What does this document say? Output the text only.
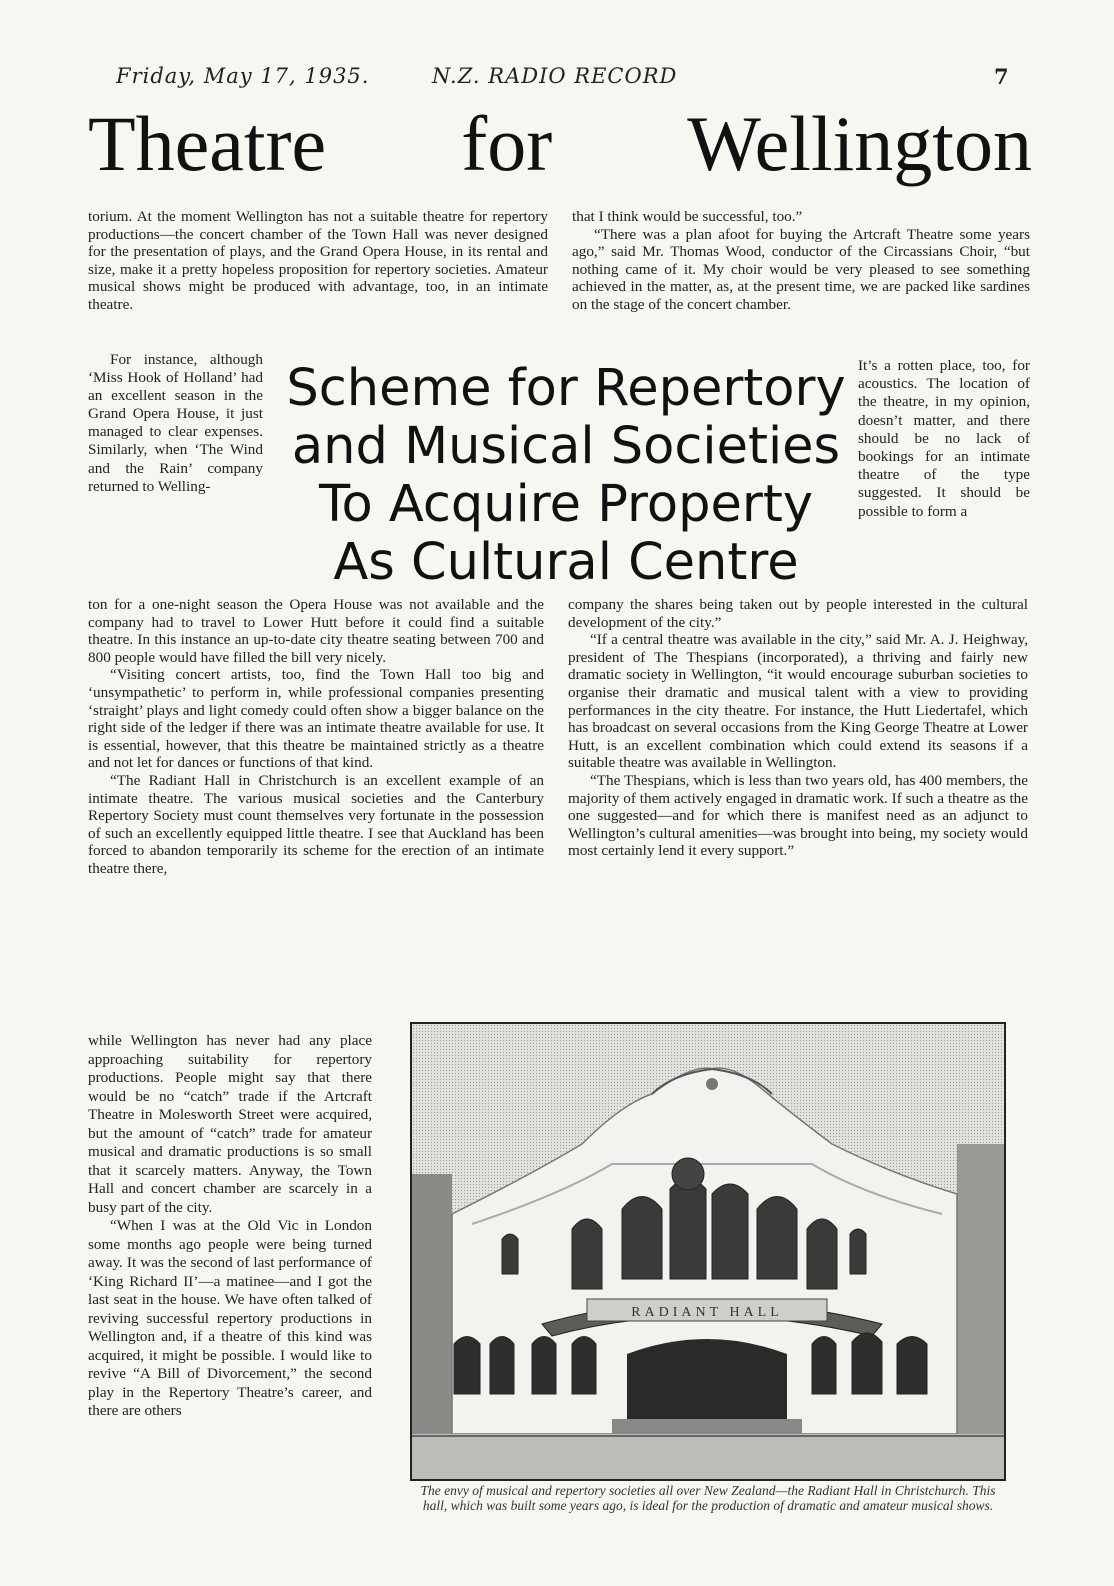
Friday, May 17, 1935.	N.Z. RADIO RECORD	7
Theatre for Wellington

torium. At the moment Wellington has not a suitable theatre for repertory productions—the concert chamber of the Town Hall was never designed for the presentation of plays, and the Grand Opera House, in its rental and size, make it a pretty hopeless proposition for repertory societies. Amateur musical shows might be produced with advantage, too, in an intimate theatre.

For instance, although ‘Miss Hook of Holland’ had an excellent season in the Grand Opera House, it just managed to clear expenses. Similarly, when ‘The Wind and the Rain’ company returned to Welling-

Scheme for Repertory
and Musical Societies
To Acquire Property
As Cultural Centre

ton for a one-night season the Opera House was not available and the company had to travel to Lower Hutt before it could find a suitable theatre. In this instance an up-to-date city theatre seating between 700 and 800 people would have filled the bill very nicely.

“Visiting concert artists, too, find the Town Hall too big and ‘unsympathetic’ to perform in, while professional companies presenting ‘straight’ plays and light comedy could often show a bigger balance on the right side of the ledger if there was an intimate theatre available for use. It is essential, however, that this theatre be maintained strictly as a theatre and not let for dances or functions of that kind.

“The Radiant Hall in Christchurch is an excellent example of an intimate theatre. The various musical societies and the Canterbury Repertory Society must count themselves very fortunate in the possession of such an excellently equipped little theatre. I see that Auckland has been forced to abandon temporarily its scheme for the erection of an intimate theatre there,

while Wellington has never had any place approaching suitability for repertory productions. People might say that there would be no “catch” trade if the Artcraft Theatre in Molesworth Street were acquired, but the amount of “catch” trade for amateur musical and dramatic productions is so small that it scarcely matters. Anyway, the Town Hall and concert chamber are scarcely in a busy part of the city.

“When I was at the Old Vic in London some months ago people were being turned away. It was the second of last performance of ‘King Richard II’—a matinee—and I got the last seat in the house. We have often talked of reviving successful repertory productions in Wellington and, if a theatre of this kind was acquired, it might be possible. I would like to revive “A Bill of Divorcement,” the second play in the Repertory Theatre’s career, and there are others

that I think would be successful, too.”

“There was a plan afoot for buying the Artcraft Theatre some years ago,” said Mr. Thomas Wood, conductor of the Circassians Choir, “but nothing came of it. My choir would be very pleased to see something achieved in the matter, as, at the present time, we are packed like sardines on the stage of the concert chamber.

It’s a rotten place, too, for acoustics. The location of the theatre, in my opinion, doesn’t matter, and there should be no lack of bookings for an intimate theatre of the type suggested. It should be possible to form a

company the shares being taken out by people interested in the cultural development of the city.”

“If a central theatre was available in the city,” said Mr. A. J. Heighway, president of The Thespians (incorporated), a thriving and fairly new dramatic society in Wellington, “it would encourage suburban societies to organise their dramatic and musical talent with a view to providing performances in the city theatre. For instance, the Hutt Liedertafel, which has broadcast on several occasions from the King George Theatre at Lower Hutt, is an excellent combination which could extend its seasons if a suitable theatre was available in Wellington.

“The Thespians, which is less than two years old, has 400 members, the majority of them actively engaged in dramatic work. If such a theatre as the one suggested—and for which there is manifest need as an adjunct to Wellington’s cultural amenities—was brought into being, my society would most certainly lend it every support.”

RADIANT HALL
The envy of musical and repertory societies all over New Zealand—the Radiant Hall in Christchurch. This hall, which was built some years ago, is ideal for the production of dramatic and amateur musical shows.
